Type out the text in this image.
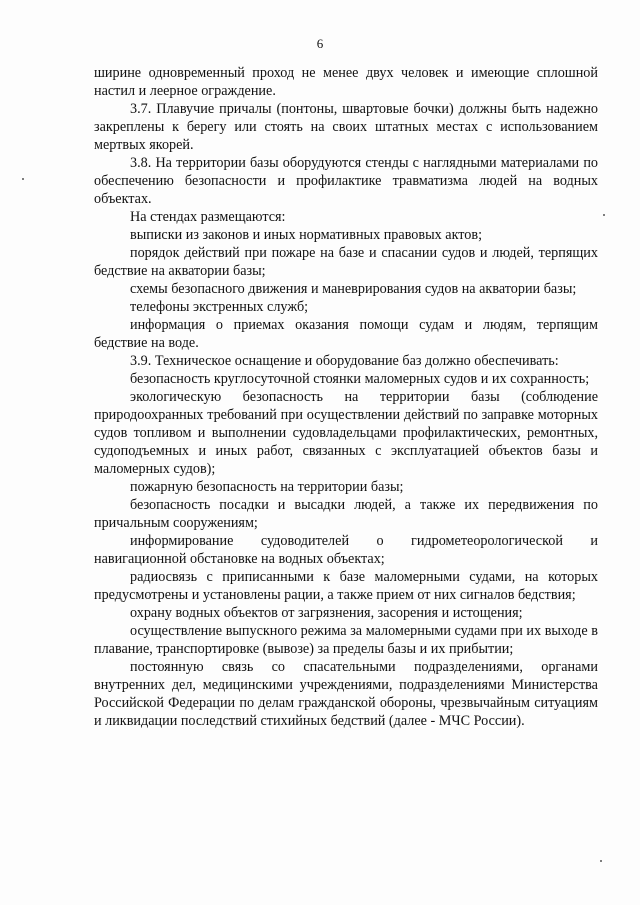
6

ширине одновременный проход не менее двух человек и имеющие сплошной настил и леерное ограждение.

3.7. Плавучие причалы (понтоны, швартовые бочки) должны быть надежно закреплены к берегу или стоять на своих штатных местах с использованием мертвых якорей.

3.8. На территории базы оборудуются стенды с наглядными материалами по обеспечению безопасности и профилактике травматизма людей на водных объектах.

На стендах размещаются:

выписки из законов и иных нормативных правовых актов;

порядок действий при пожаре на базе и спасании судов и людей, терпящих бедствие на акватории базы;

схемы безопасного движения и маневрирования судов на акватории базы;

телефоны экстренных служб;

информация о приемах оказания помощи судам и людям, терпящим бедствие на воде.

3.9. Техническое оснащение и оборудование баз должно обеспечивать:

безопасность круглосуточной стоянки маломерных судов и их сохранность;

экологическую безопасность на территории базы (соблюдение природоохранных требований при осуществлении действий по заправке моторных судов топливом и выполнении судовладельцами профилактических, ремонтных, судоподъемных и иных работ, связанных с эксплуатацией объектов базы и маломерных судов);

пожарную безопасность на территории базы;

безопасность посадки и высадки людей, а также их передвижения по причальным сооружениям;

информирование судоводителей о гидрометеорологической и навигационной обстановке на водных объектах;

радиосвязь с приписанными к базе маломерными судами, на которых предусмотрены и установлены рации, а также прием от них сигналов бедствия;

охрану водных объектов от загрязнения, засорения и истощения;

осуществление выпускного режима за маломерными судами при их выходе в плавание, транспортировке (вывозе) за пределы базы и их прибытии;

постоянную связь со спасательными подразделениями, органами внутренних дел, медицинскими учреждениями, подразделениями Министерства Российской Федерации по делам гражданской обороны, чрезвычайным ситуациям и ликвидации последствий стихийных бедствий (далее - МЧС России).
